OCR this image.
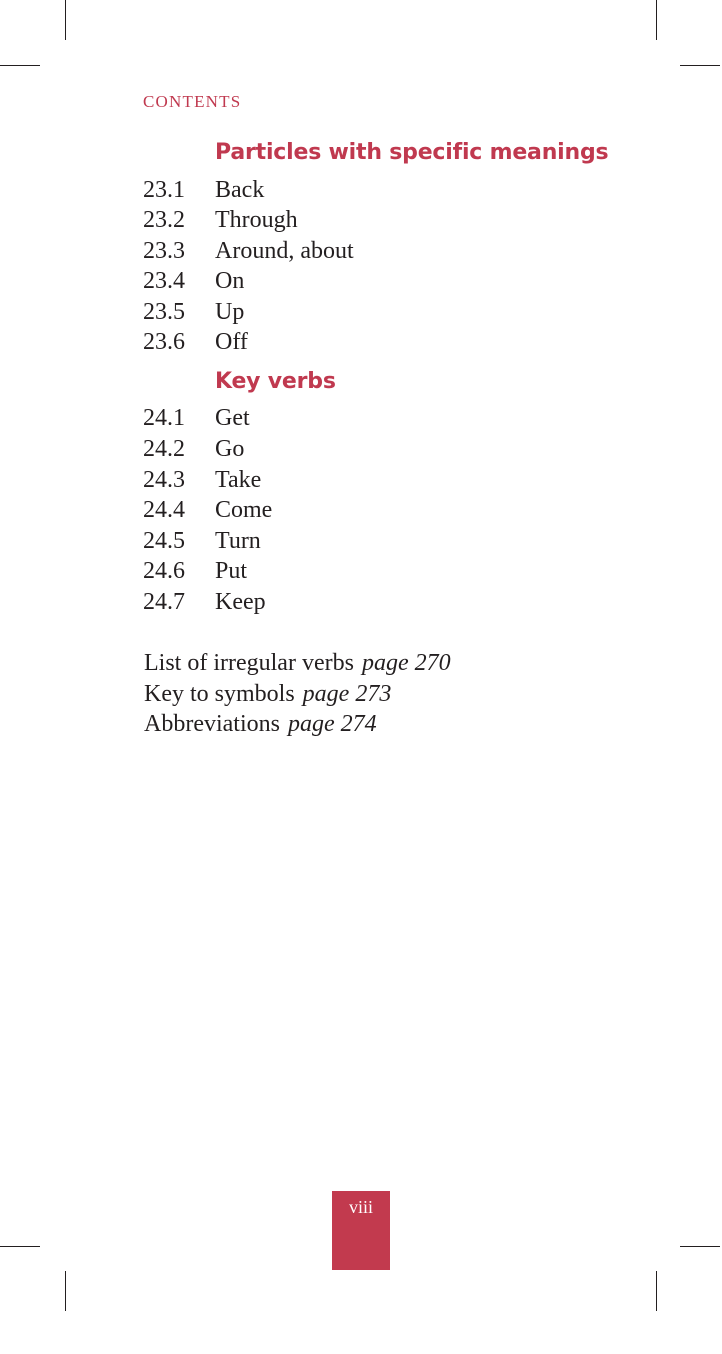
CONTENTS
Particles with specific meanings
23.1 Back
23.2 Through
23.3 Around, about
23.4 On
23.5 Up
23.6 Off
Key verbs
24.1 Get
24.2 Go
24.3 Take
24.4 Come
24.5 Turn
24.6 Put
24.7 Keep
List of irregular verbs page 270
Key to symbols page 273
Abbreviations page 274
viii
